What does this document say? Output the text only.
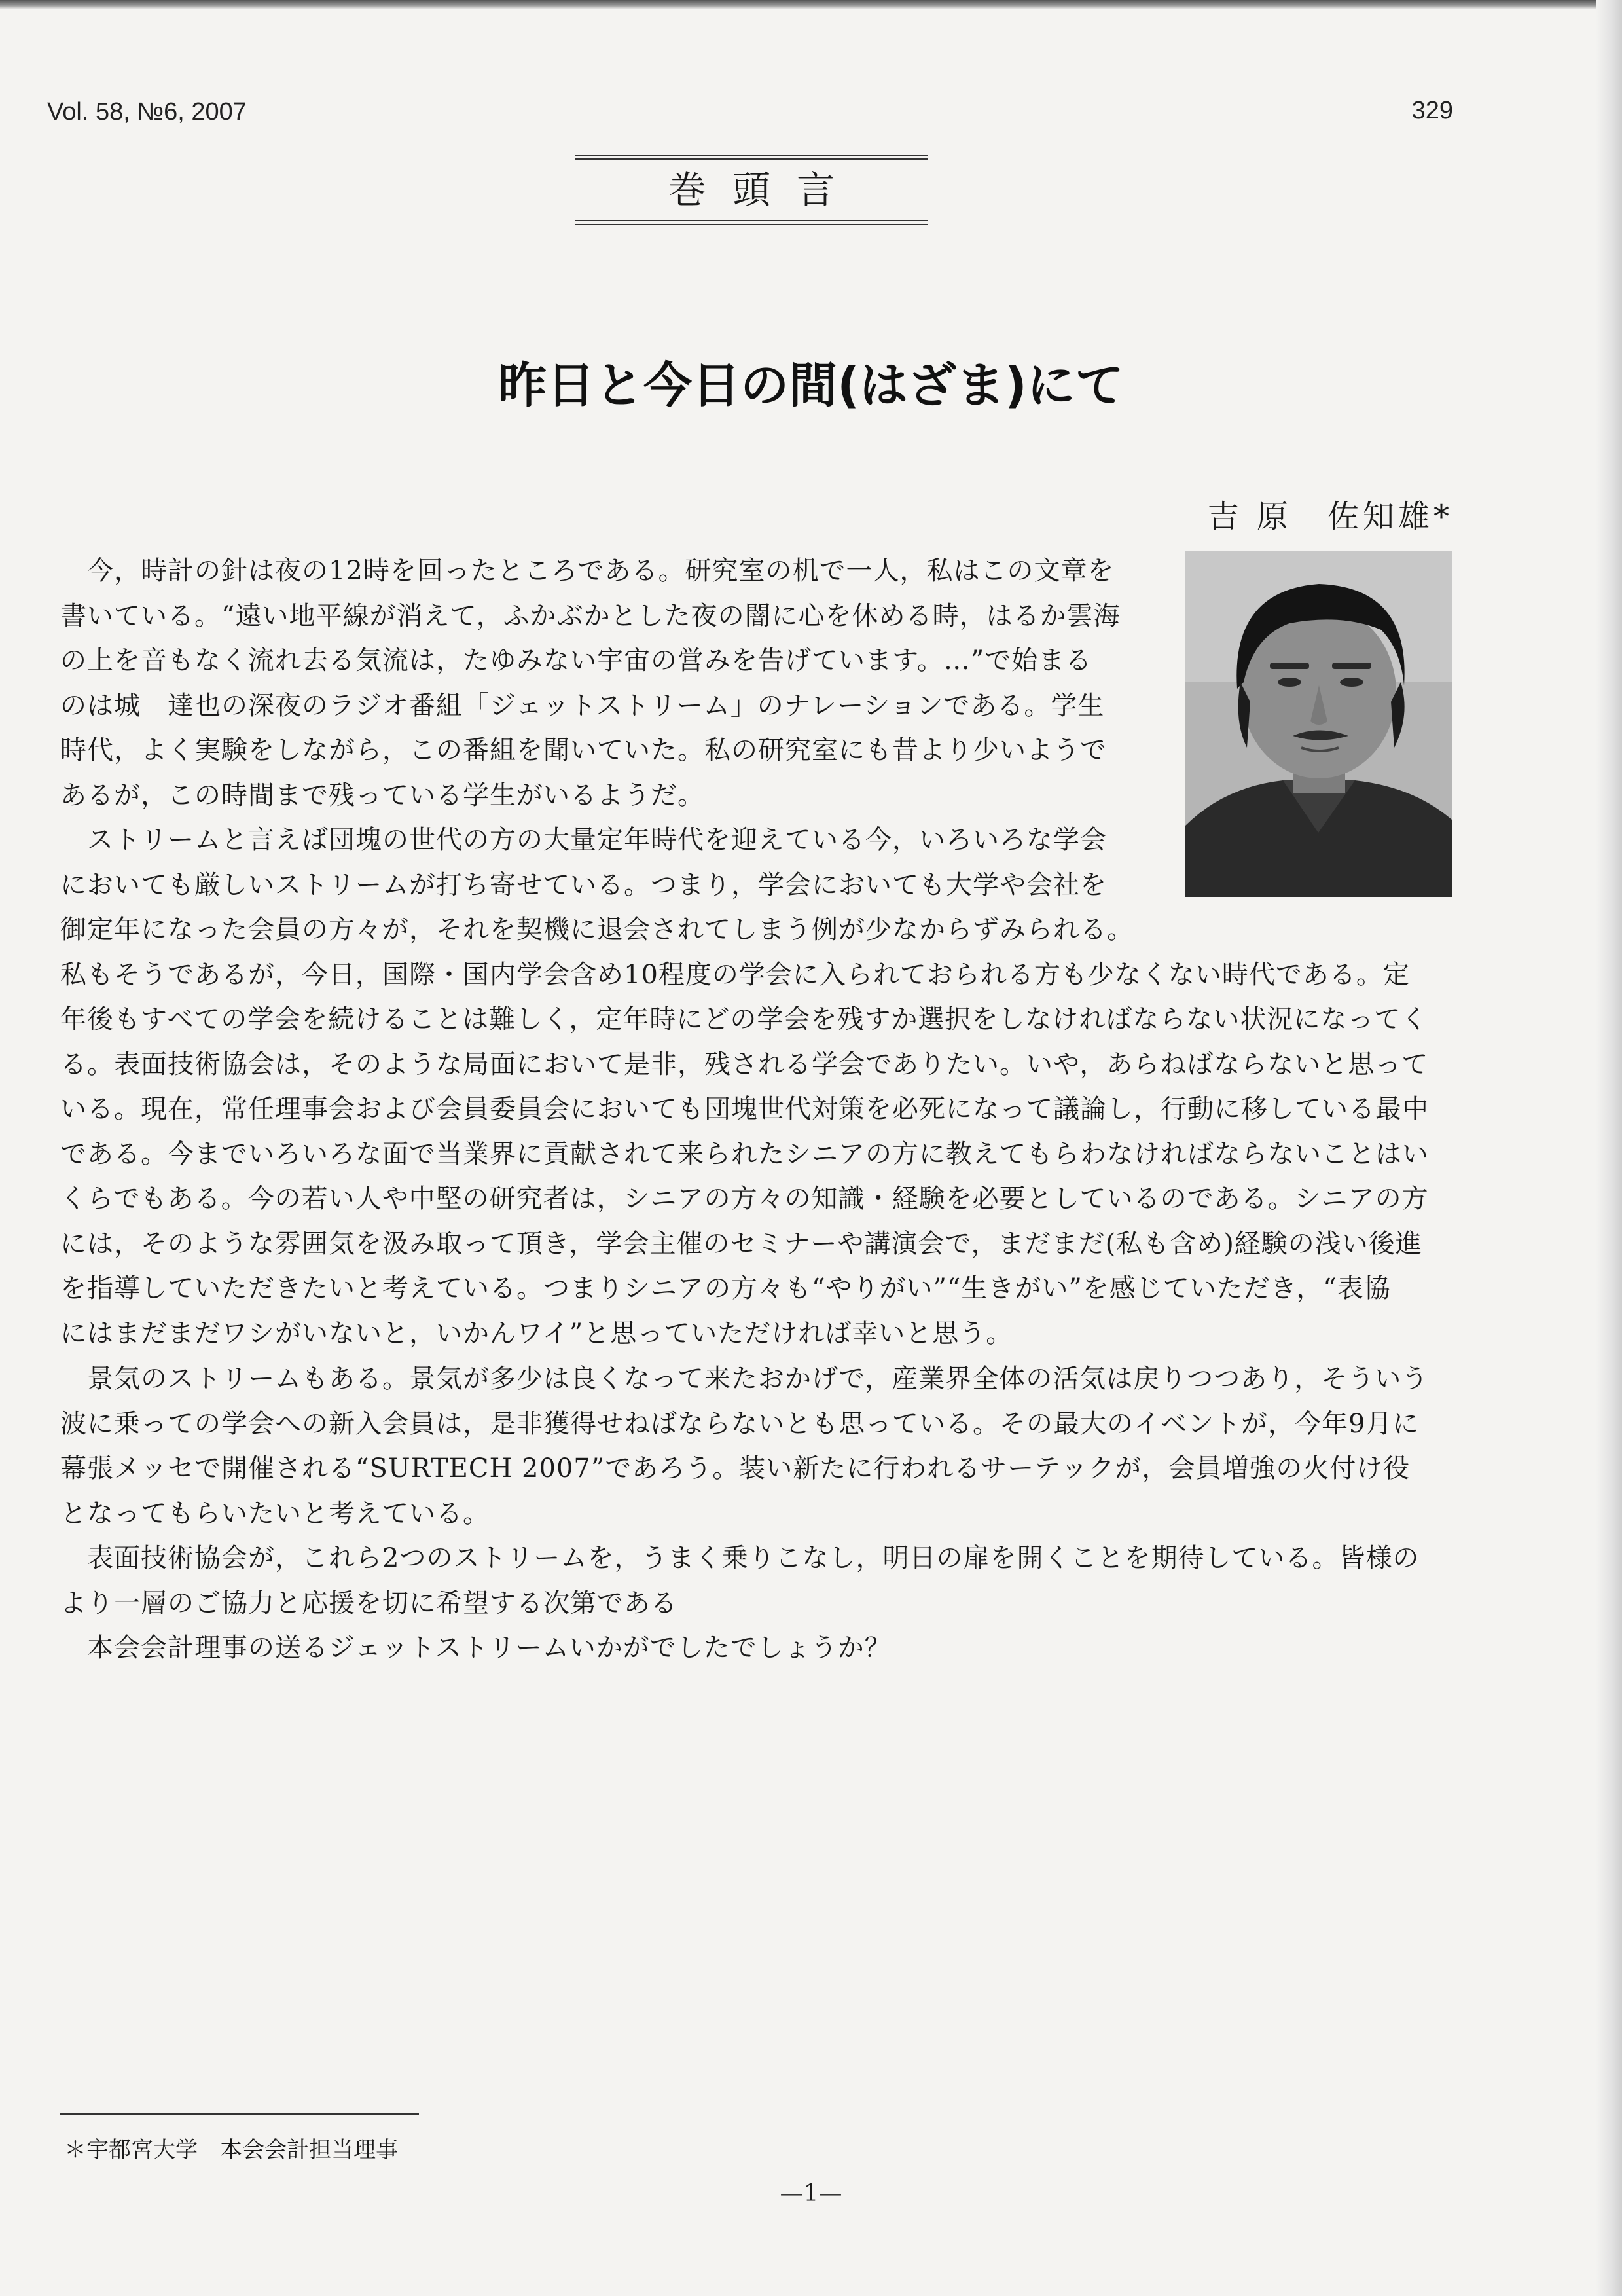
Vol. 58, №6, 2007	329
巻頭言
昨日と今日の間(はざま)にて
吉 原　佐知雄*
　今，時計の針は夜の12時を回ったところである。研究室の机で一人，私はこの文章を
書いている。“遠い地平線が消えて，ふかぶかとした夜の闇に心を休める時，はるか雲海
の上を音もなく流れ去る気流は，たゆみない宇宙の営みを告げています。…”で始まる
のは城　達也の深夜のラジオ番組「ジェットストリーム」のナレーションである。学生
時代，よく実験をしながら，この番組を聞いていた。私の研究室にも昔より少いようで
あるが，この時間まで残っている学生がいるようだ。
　ストリームと言えば団塊の世代の方の大量定年時代を迎えている今，いろいろな学会
においても厳しいストリームが打ち寄せている。つまり，学会においても大学や会社を
御定年になった会員の方々が，それを契機に退会されてしまう例が少なからずみられる。
私もそうであるが，今日，国際・国内学会含め10程度の学会に入られておられる方も少なくない時代である。定
年後もすべての学会を続けることは難しく，定年時にどの学会を残すか選択をしなければならない状況になってく
る。表面技術協会は，そのような局面において是非，残される学会でありたい。いや，あらねばならないと思って
いる。現在，常任理事会および会員委員会においても団塊世代対策を必死になって議論し，行動に移している最中
である。今までいろいろな面で当業界に貢献されて来られたシニアの方に教えてもらわなければならないことはい
くらでもある。今の若い人や中堅の研究者は，シニアの方々の知識・経験を必要としているのである。シニアの方
には，そのような雰囲気を汲み取って頂き，学会主催のセミナーや講演会で，まだまだ(私も含め)経験の浅い後進
を指導していただきたいと考えている。つまりシニアの方々も“やりがい”“生きがい”を感じていただき，“表協
にはまだまだワシがいないと，いかんワイ”と思っていただければ幸いと思う。
　景気のストリームもある。景気が多少は良くなって来たおかげで，産業界全体の活気は戻りつつあり，そういう
波に乗っての学会への新入会員は，是非獲得せねばならないとも思っている。その最大のイベントが，今年9月に
幕張メッセで開催される“SURTECH 2007”であろう。装い新たに行われるサーテックが，会員増強の火付け役
となってもらいたいと考えている。
　表面技術協会が，これら2つのストリームを，うまく乗りこなし，明日の扉を開くことを期待している。皆様の
より一層のご協力と応援を切に希望する次第である
　本会会計理事の送るジェットストリームいかがでしたでしょうか？
＊宇都宮大学　本会会計担当理事
—1—
